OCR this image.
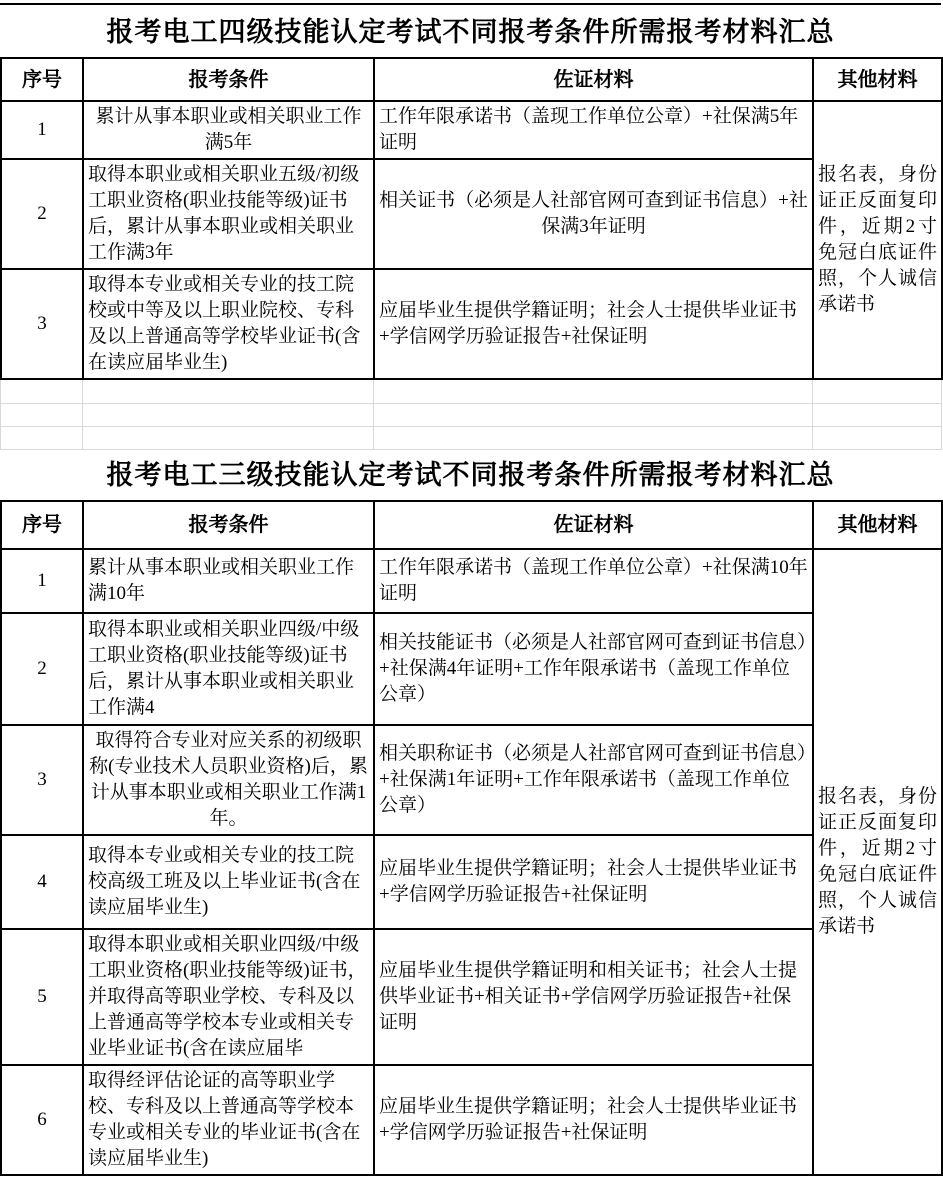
报考电工四级技能认定考试不同报考条件所需报考材料汇总
序号	报考条件	佐证材料	其他材料
1	累计从事本职业或相关职业工作满5年	工作年限承诺书（盖现工作单位公章）+社保满5年证明	报名表，身份证正反面复印件，近期2寸免冠白底证件照，个人诚信承诺书
2	取得本职业或相关职业五级/初级工职业资格(职业技能等级)证书后，累计从事本职业或相关职业工作满3年	相关证书（必须是人社部官网可查到证书信息）+社保满3年证明	
3	取得本专业或相关专业的技工院校或中等及以上职业院校、专科及以上普通高等学校毕业证书(含在读应届毕业生)	应届毕业生提供学籍证明；社会人士提供毕业证书+学信网学历验证报告+社保证明	

报考电工三级技能认定考试不同报考条件所需报考材料汇总
序号	报考条件	佐证材料	其他材料
1	累计从事本职业或相关职业工作满10年	工作年限承诺书（盖现工作单位公章）+社保满10年证明	报名表，身份证正反面复印件，近期2寸免冠白底证件照，个人诚信承诺书
2	取得本职业或相关职业四级/中级工职业资格(职业技能等级)证书后，累计从事本职业或相关职业工作满4	相关技能证书（必须是人社部官网可查到证书信息）+社保满4年证明+工作年限承诺书（盖现工作单位公章）	
3	取得符合专业对应关系的初级职称(专业技术人员职业资格)后，累计从事本职业或相关职业工作满1年。	相关职称证书（必须是人社部官网可查到证书信息）+社保满1年证明+工作年限承诺书（盖现工作单位公章）	
4	取得本专业或相关专业的技工院校高级工班及以上毕业证书(含在读应届毕业生)	应届毕业生提供学籍证明；社会人士提供毕业证书+学信网学历验证报告+社保证明	
5	取得本职业或相关职业四级/中级工职业资格(职业技能等级)证书，并取得高等职业学校、专科及以上普通高等学校本专业或相关专业毕业证书(含在读应届毕	应届毕业生提供学籍证明和相关证书；社会人士提供毕业证书+相关证书+学信网学历验证报告+社保证明	
6	取得经评估论证的高等职业学校、专科及以上普通高等学校本专业或相关专业的毕业证书(含在读应届毕业生)	应届毕业生提供学籍证明；社会人士提供毕业证书+学信网学历验证报告+社保证明	
